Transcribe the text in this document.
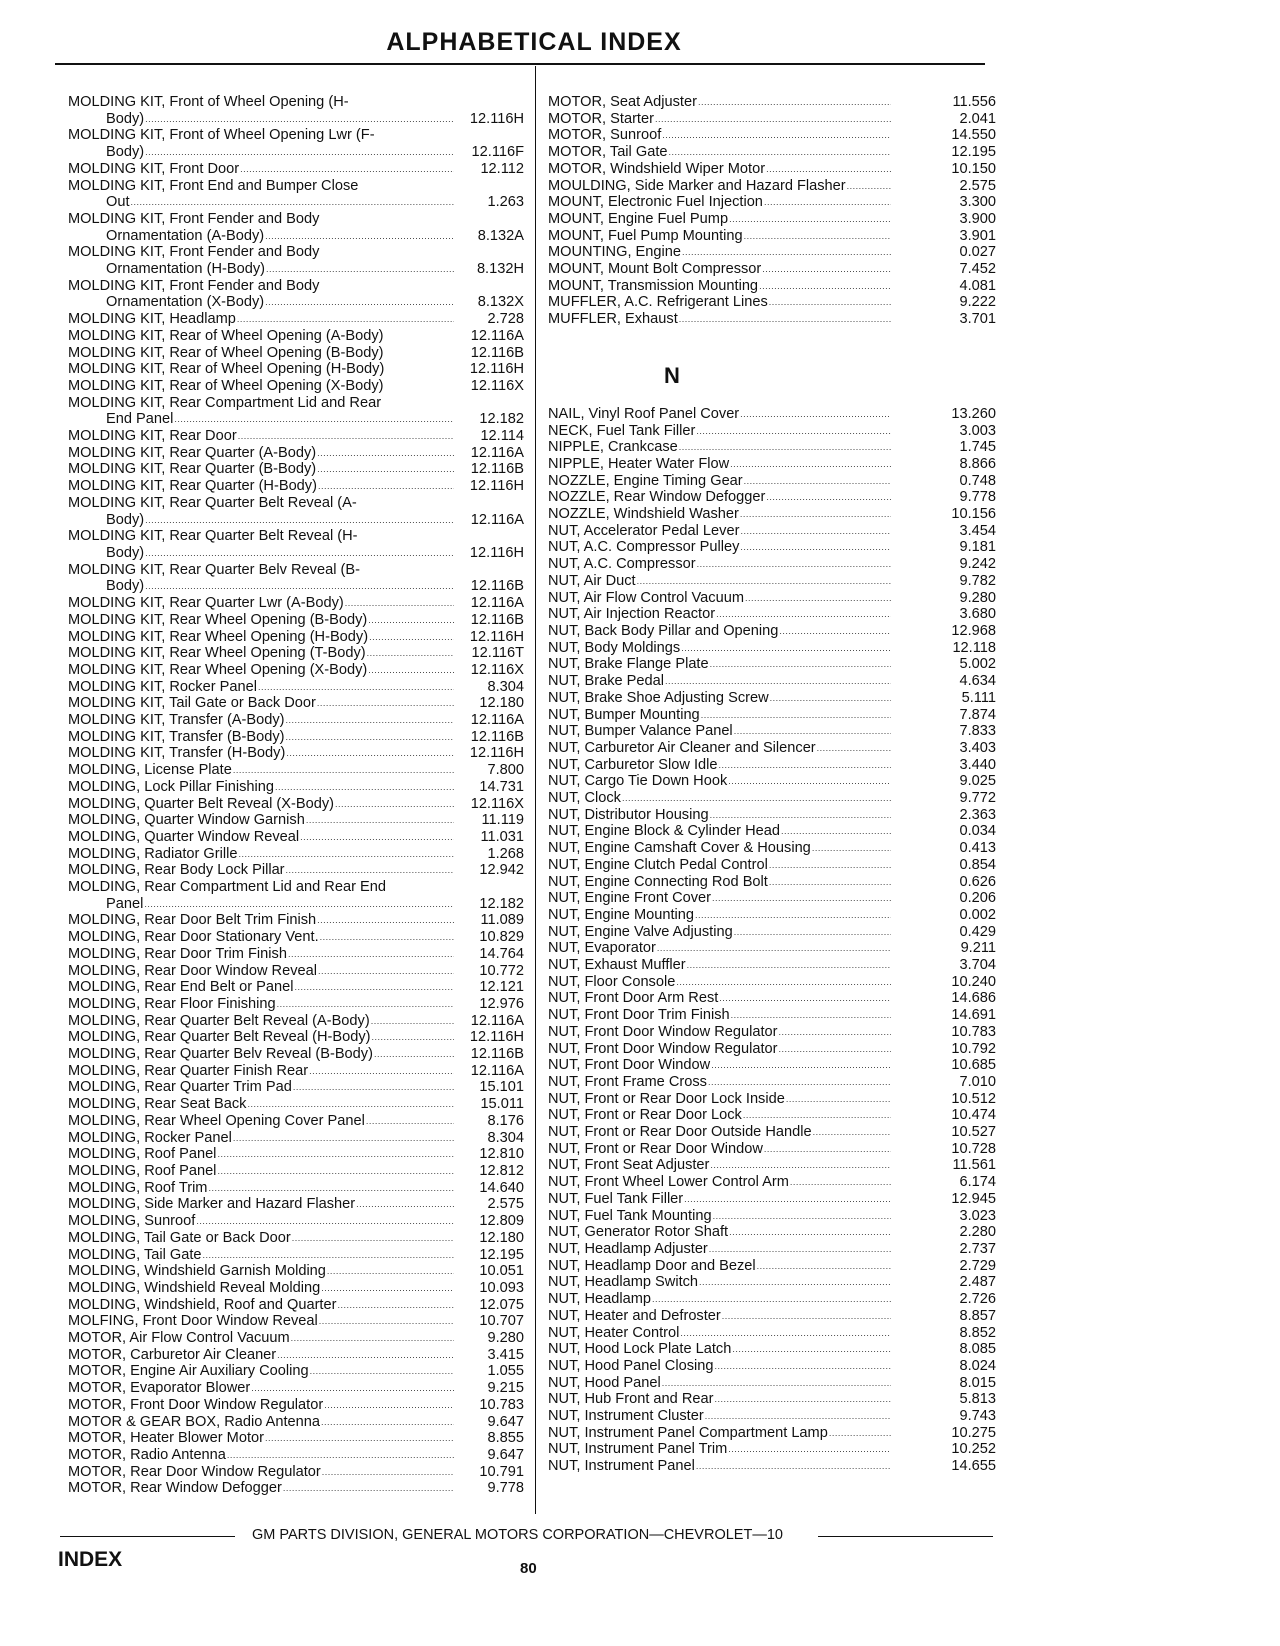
ALPHABETICAL INDEX
MOLDING KIT, Front of Wheel Opening (H-
Body) .....	12.116H
MOLDING KIT, Front of Wheel Opening Lwr (F-
Body) .....	12.116F
MOLDING KIT, Front Door .....	12.112
MOLDING KIT, Front End and Bumper Close
Out .....	1.263
MOLDING KIT, Front Fender and Body
Ornamentation (A-Body) .....	8.132A
MOLDING KIT, Front Fender and Body
Ornamentation (H-Body) .....	8.132H
MOLDING KIT, Front Fender and Body
Ornamentation (X-Body) .....	8.132X
MOLDING KIT, Headlamp .....	2.728
MOLDING KIT, Rear of Wheel Opening (A-Body)	12.116A
MOLDING KIT, Rear of Wheel Opening (B-Body)	12.116B
MOLDING KIT, Rear of Wheel Opening (H-Body)	12.116H
MOLDING KIT, Rear of Wheel Opening (X-Body)	12.116X
MOLDING KIT, Rear Compartment Lid and Rear
End Panel .....	12.182
MOLDING KIT, Rear Door .....	12.114
MOLDING KIT, Rear Quarter (A-Body) .....	12.116A
MOLDING KIT, Rear Quarter (B-Body) .....	12.116B
MOLDING KIT, Rear Quarter (H-Body) .....	12.116H
MOLDING KIT, Rear Quarter Belt Reveal (A-
Body) .....	12.116A
MOLDING KIT, Rear Quarter Belt Reveal (H-
Body) .....	12.116H
MOLDING KIT, Rear Quarter Belv Reveal (B-
Body) .....	12.116B
MOLDING KIT, Rear Quarter Lwr (A-Body) .....	12.116A
MOLDING KIT, Rear Wheel Opening (B-Body) .....	12.116B
MOLDING KIT, Rear Wheel Opening (H-Body) .....	12.116H
MOLDING KIT, Rear Wheel Opening (T-Body) .....	12.116T
MOLDING KIT, Rear Wheel Opening (X-Body) .....	12.116X
MOLDING KIT, Rocker Panel .....	8.304
MOLDING KIT, Tail Gate or Back Door .....	12.180
MOLDING KIT, Transfer (A-Body) .....	12.116A
MOLDING KIT, Transfer (B-Body) .....	12.116B
MOLDING KIT, Transfer (H-Body) .....	12.116H
MOLDING, License Plate .....	7.800
MOLDING, Lock Pillar Finishing .....	14.731
MOLDING, Quarter Belt Reveal (X-Body) .....	12.116X
MOLDING, Quarter Window Garnish .....	11.119
MOLDING, Quarter Window Reveal .....	11.031
MOLDING, Radiator Grille .....	1.268
MOLDING, Rear Body Lock Pillar .....	12.942
MOLDING, Rear Compartment Lid and Rear End
Panel .....	12.182
MOLDING, Rear Door Belt Trim Finish .....	11.089
MOLDING, Rear Door Stationary Vent. .....	10.829
MOLDING, Rear Door Trim Finish .....	14.764
MOLDING, Rear Door Window Reveal .....	10.772
MOLDING, Rear End Belt or Panel .....	12.121
MOLDING, Rear Floor Finishing .....	12.976
MOLDING, Rear Quarter Belt Reveal (A-Body) .....	12.116A
MOLDING, Rear Quarter Belt Reveal (H-Body) .....	12.116H
MOLDING, Rear Quarter Belv Reveal (B-Body) .....	12.116B
MOLDING, Rear Quarter Finish Rear .....	12.116A
MOLDING, Rear Quarter Trim Pad .....	15.101
MOLDING, Rear Seat Back .....	15.011
MOLDING, Rear Wheel Opening Cover Panel .....	8.176
MOLDING, Rocker Panel .....	8.304
MOLDING, Roof Panel .....	12.810
MOLDING, Roof Panel .....	12.812
MOLDING, Roof Trim .....	14.640
MOLDING, Side Marker and Hazard Flasher .....	2.575
MOLDING, Sunroof .....	12.809
MOLDING, Tail Gate or Back Door .....	12.180
MOLDING, Tail Gate .....	12.195
MOLDING, Windshield Garnish Molding .....	10.051
MOLDING, Windshield Reveal Molding .....	10.093
MOLDING, Windshield, Roof and Quarter .....	12.075
MOLFING, Front Door Window Reveal .....	10.707
MOTOR, Air Flow Control Vacuum .....	9.280
MOTOR, Carburetor Air Cleaner .....	3.415
MOTOR, Engine Air Auxiliary Cooling .....	1.055
MOTOR, Evaporator Blower .....	9.215
MOTOR, Front Door Window Regulator .....	10.783
MOTOR & GEAR BOX, Radio Antenna .....	9.647
MOTOR, Heater Blower Motor .....	8.855
MOTOR, Radio Antenna .....	9.647
MOTOR, Rear Door Window Regulator .....	10.791
MOTOR, Rear Window Defogger .....	9.778
MOTOR, Seat Adjuster .....	11.556
MOTOR, Starter .....	2.041
MOTOR, Sunroof .....	14.550
MOTOR, Tail Gate .....	12.195
MOTOR, Windshield Wiper Motor .....	10.150
MOULDING, Side Marker and Hazard Flasher .....	2.575
MOUNT, Electronic Fuel Injection .....	3.300
MOUNT, Engine Fuel Pump .....	3.900
MOUNT, Fuel Pump Mounting .....	3.901
MOUNTING, Engine .....	0.027
MOUNT, Mount Bolt Compressor .....	7.452
MOUNT, Transmission Mounting .....	4.081
MUFFLER, A.C. Refrigerant Lines .....	9.222
MUFFLER, Exhaust .....	3.701
N
NAIL, Vinyl Roof Panel Cover .....	13.260
NECK, Fuel Tank Filler .....	3.003
NIPPLE, Crankcase .....	1.745
NIPPLE, Heater Water Flow .....	8.866
NOZZLE, Engine Timing Gear .....	0.748
NOZZLE, Rear Window Defogger .....	9.778
NOZZLE, Windshield Washer .....	10.156
NUT, Accelerator Pedal Lever .....	3.454
NUT, A.C. Compressor Pulley .....	9.181
NUT, A.C. Compressor .....	9.242
NUT, Air Duct .....	9.782
NUT, Air Flow Control Vacuum .....	9.280
NUT, Air Injection Reactor .....	3.680
NUT, Back Body Pillar and Opening .....	12.968
NUT, Body Moldings .....	12.118
NUT, Brake Flange Plate .....	5.002
NUT, Brake Pedal .....	4.634
NUT, Brake Shoe Adjusting Screw .....	5.111
NUT, Bumper Mounting .....	7.874
NUT, Bumper Valance Panel .....	7.833
NUT, Carburetor Air Cleaner and Silencer .....	3.403
NUT, Carburetor Slow Idle .....	3.440
NUT, Cargo Tie Down Hook .....	9.025
NUT, Clock .....	9.772
NUT, Distributor Housing .....	2.363
NUT, Engine Block & Cylinder Head .....	0.034
NUT, Engine Camshaft Cover & Housing .....	0.413
NUT, Engine Clutch Pedal Control .....	0.854
NUT, Engine Connecting Rod Bolt .....	0.626
NUT, Engine Front Cover .....	0.206
NUT, Engine Mounting .....	0.002
NUT, Engine Valve Adjusting .....	0.429
NUT, Evaporator .....	9.211
NUT, Exhaust Muffler .....	3.704
NUT, Floor Console .....	10.240
NUT, Front Door Arm Rest .....	14.686
NUT, Front Door Trim Finish .....	14.691
NUT, Front Door Window Regulator .....	10.783
NUT, Front Door Window Regulator .....	10.792
NUT, Front Door Window .....	10.685
NUT, Front Frame Cross .....	7.010
NUT, Front or Rear Door Lock Inside .....	10.512
NUT, Front or Rear Door Lock .....	10.474
NUT, Front or Rear Door Outside Handle .....	10.527
NUT, Front or Rear Door Window .....	10.728
NUT, Front Seat Adjuster .....	11.561
NUT, Front Wheel Lower Control Arm .....	6.174
NUT, Fuel Tank Filler .....	12.945
NUT, Fuel Tank Mounting .....	3.023
NUT, Generator Rotor Shaft .....	2.280
NUT, Headlamp Adjuster .....	2.737
NUT, Headlamp Door and Bezel .....	2.729
NUT, Headlamp Switch .....	2.487
NUT, Headlamp .....	2.726
NUT, Heater and Defroster .....	8.857
NUT, Heater Control .....	8.852
NUT, Hood Lock Plate Latch .....	8.085
NUT, Hood Panel Closing .....	8.024
NUT, Hood Panel .....	8.015
NUT, Hub Front and Rear .....	5.813
NUT, Instrument Cluster .....	9.743
NUT, Instrument Panel Compartment Lamp .....	10.275
NUT, Instrument Panel Trim .....	10.252
NUT, Instrument Panel .....	14.655
GM PARTS DIVISION, GENERAL MOTORS CORPORATION—CHEVROLET—10
INDEX	80
